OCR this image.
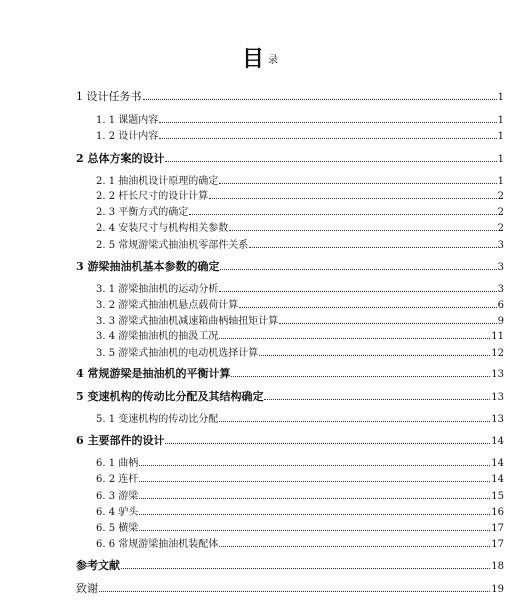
目录
1 设计任务书	1
1. 1 课题内容	1
1. 2 设计内容	1
2 总体方案的设计	1
2. 1 抽油机设计原理的确定	1
2. 2 杆长尺寸的设计计算	2
2. 3 平衡方式的确定	2
2. 4 安装尺寸与机构相关参数	2
2. 5 常规游梁式抽油机零部件关系	3
3 游梁抽油机基本参数的确定	3
3. 1 游梁抽油机的运动分析	3
3. 2 游梁式抽油机悬点载荷计算	6
3. 3 游梁式抽油机减速箱曲柄轴扭矩计算	9
3. 4 游梁抽油机的抽汲工况	11
3. 5 游梁式抽油机的电动机选择计算	12
4 常规游梁是抽油机的平衡计算	13
5 变速机构的传动比分配及其结构确定	13
5. 1 变速机构的传动比分配	13
6 主要部件的设计	14
6. 1 曲柄	14
6. 2 连杆	14
6. 3 游梁	15
6. 4 驴头	16
6. 5 横梁	17
6. 6 常规游梁抽油机装配体	17
参考文献	18
致谢	19
